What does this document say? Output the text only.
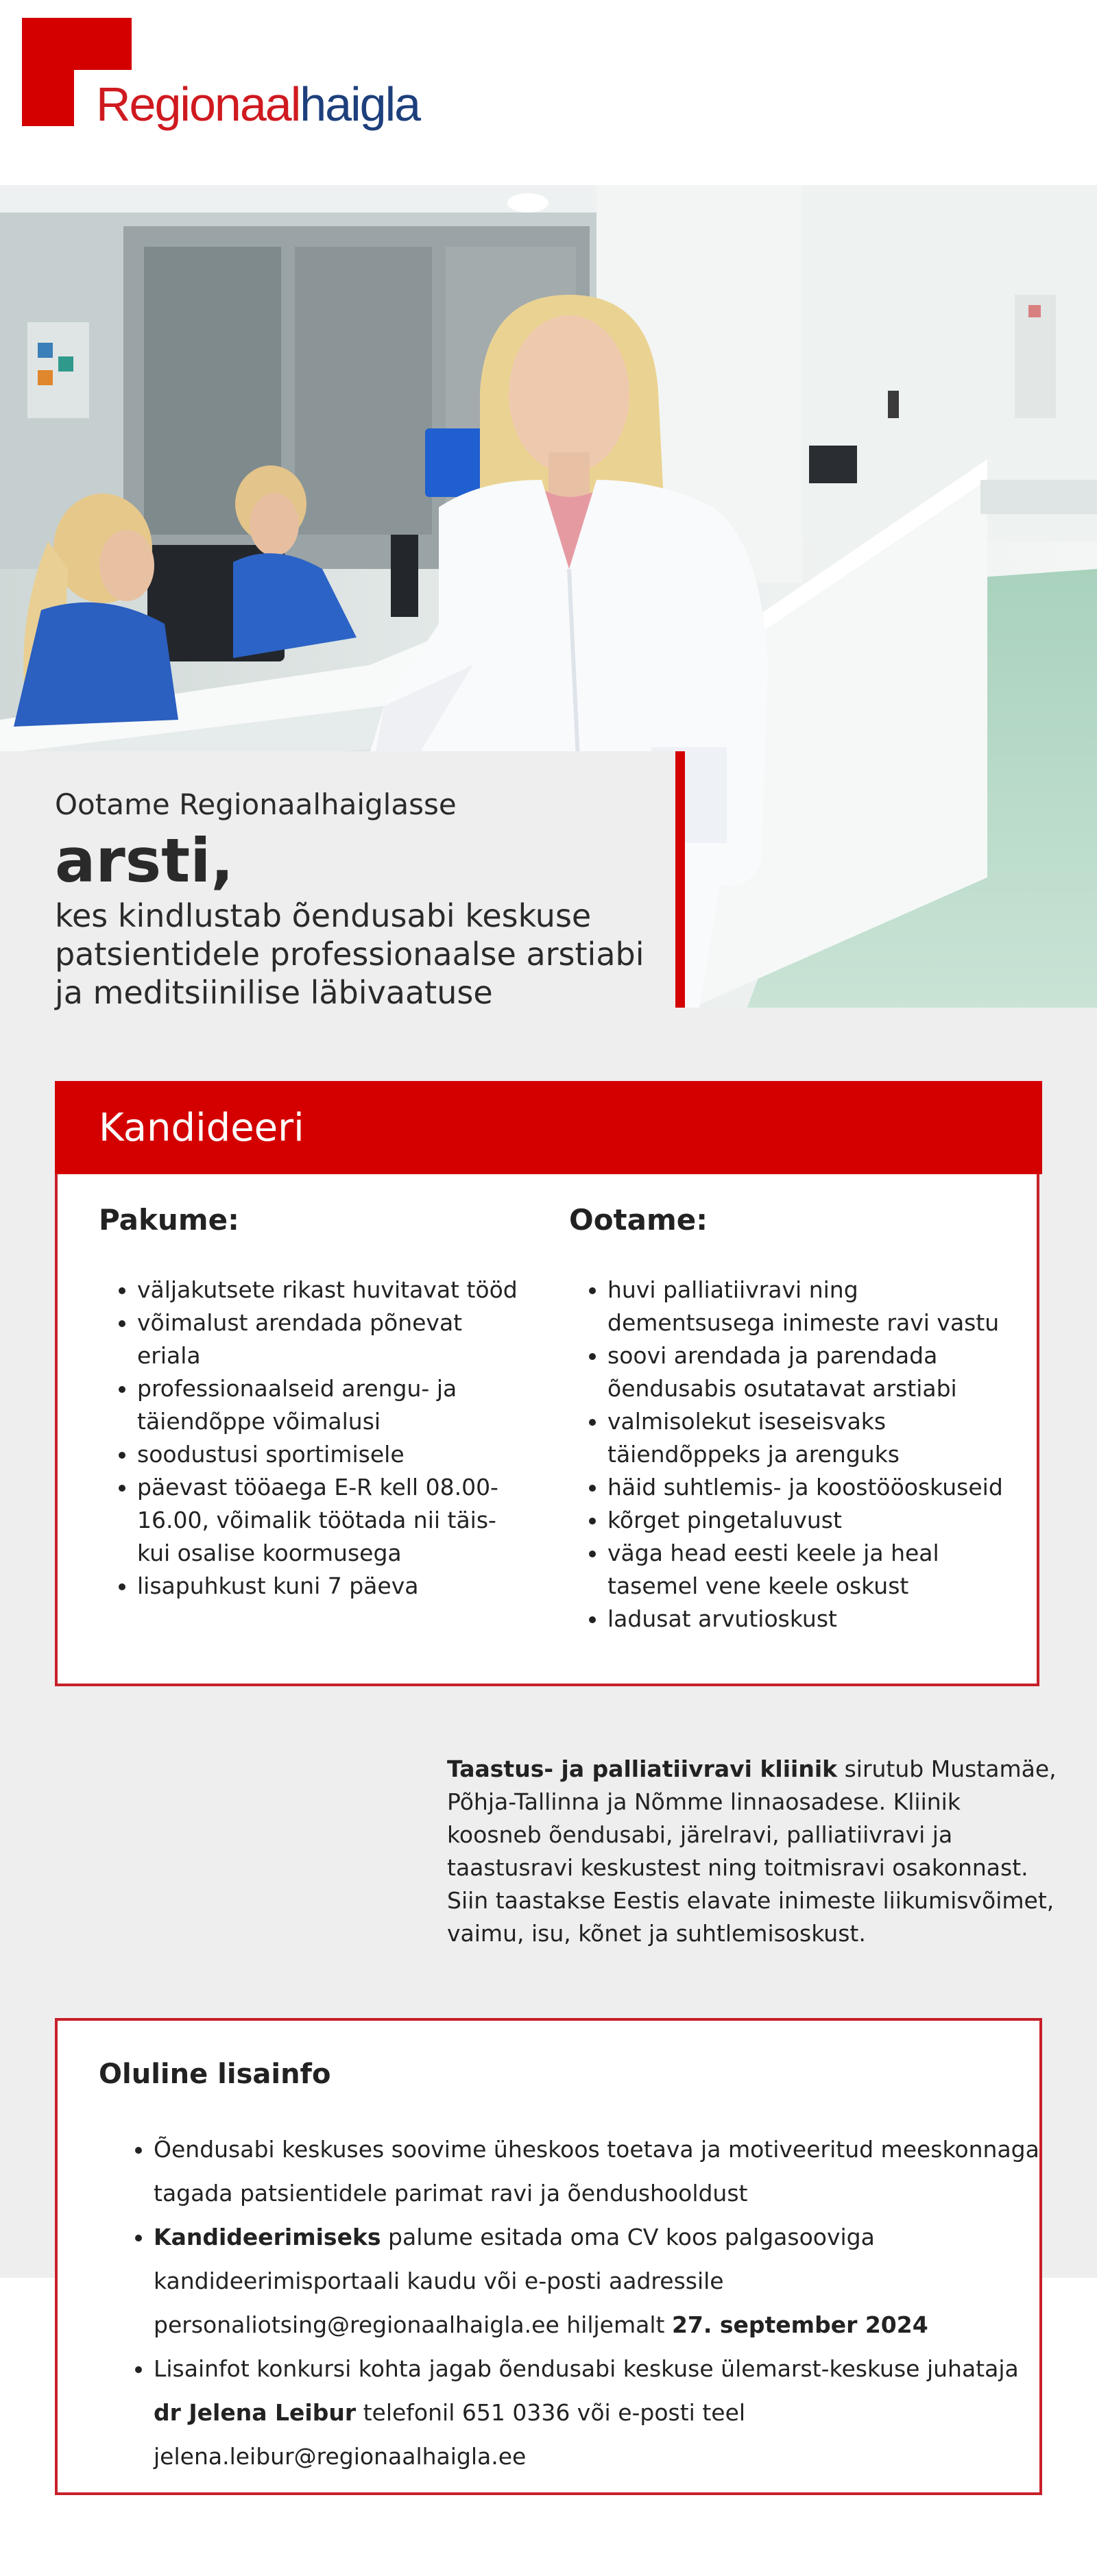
Regionaalhaigla
Ootame Regionaalhaiglasse
arsti,
kes kindlustab õendusabi keskuse patsientidele professionaalse arstiabi ja meditsiinilise läbivaatuse
Kandideeri
Pakume:
• väljakutsete rikast huvitavat tööd
• võimalust arendada põnevat eriala
• professionaalseid arengu- ja täiendõppe võimalusi
• soodustusi sportimisele
• päevast tööaega E-R kell 08.00-16.00, võimalik töötada nii täis- kui osalise koormusega
• lisapuhkust kuni 7 päeva
Ootame:
• huvi palliatiivravi ning dementsusega inimeste ravi vastu
• soovi arendada ja parendada õendusabis osutatavat arstiabi
• valmisolekut iseseisvaks täiendõppeks ja arenguks
• häid suhtlemis- ja koostööoskuseid
• kõrget pingetaluvust
• väga head eesti keele ja heal tasemel vene keele oskust
• ladusat arvutioskust
Taastus- ja palliatiivravi kliinik sirutub Mustamäe, Põhja-Tallinna ja Nõmme linnaosadese. Kliinik koosneb õendusabi, järelravi, palliatiivravi ja taastusravi keskustest ning toitmisravi osakonnast. Siin taastakse Eestis elavate inimeste liikumisvõimet, vaimu, isu, kõnet ja suhtlemisoskust.
Oluline lisainfo
• Õendusabi keskuses soovime üheskoos toetava ja motiveeritud meeskonnaga tagada patsientidele parimat ravi ja õendushooldust
• Kandideerimiseks palume esitada oma CV koos palgasooviga kandideerimisportaali kaudu või e-posti aadressile personaliotsing@regionaalhaigla.ee hiljemalt 27. september 2024
• Lisainfot konkursi kohta jagab õendusabi keskuse ülemarst-keskuse juhataja dr Jelena Leibur telefonil 651 0336 või e-posti teel jelena.leibur@regionaalhaigla.ee
